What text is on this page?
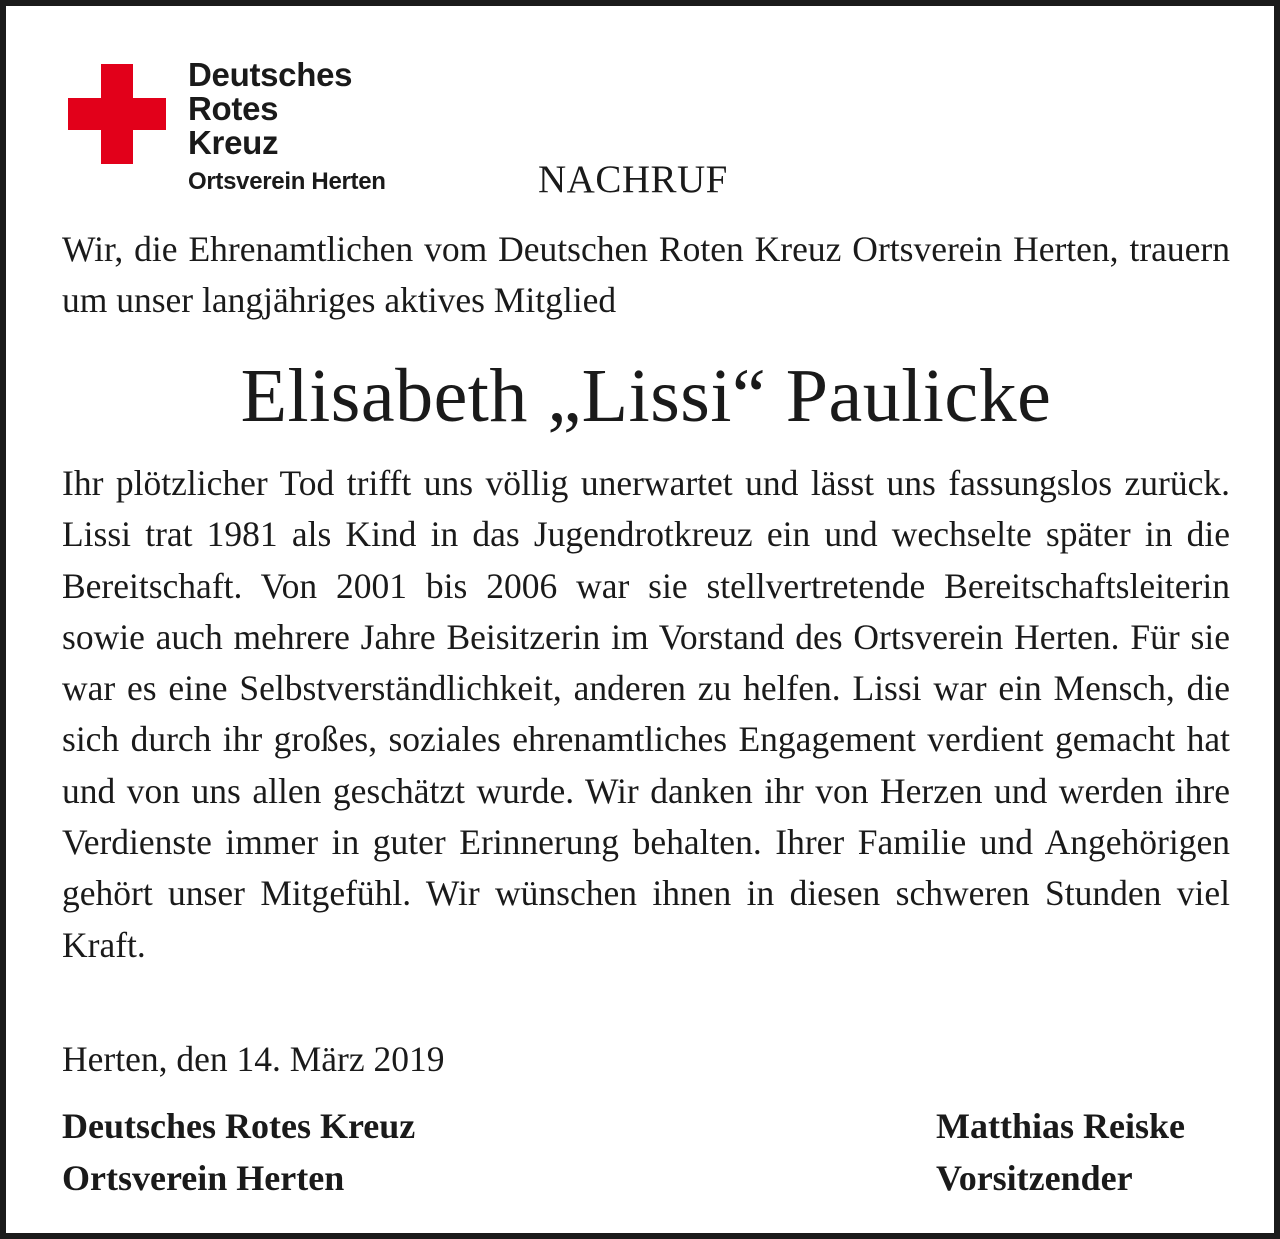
Deutsches
Rotes
Kreuz
Ortsverein Herten	NACHRUF

Wir, die Ehrenamtlichen vom Deutschen Roten Kreuz Ortsverein Herten, trauern um unser langjähriges aktives Mitglied

Elisabeth „Lissi“ Paulicke

Ihr plötzlicher Tod trifft uns völlig unerwartet und lässt uns fassungslos zurück. Lissi trat 1981 als Kind in das Jugendrotkreuz ein und wechselte später in die Bereitschaft. Von 2001 bis 2006 war sie stellvertretende Bereitschaftsleiterin sowie auch mehrere Jahre Beisitzerin im Vorstand des Ortsverein Herten. Für sie war es eine Selbstverständlichkeit, anderen zu helfen. Lissi war ein Mensch, die sich durch ihr großes, soziales ehrenamtliches Engagement verdient gemacht hat und von uns allen geschätzt wurde. Wir danken ihr von Herzen und werden ihre Verdienste immer in guter Erinnerung behalten. Ihrer Familie und Angehörigen gehört unser Mitgefühl. Wir wünschen ihnen in diesen schweren Stunden viel Kraft.

Herten, den 14. März 2019
Deutsches Rotes Kreuz
Ortsverein Herten
Matthias Reiske
Vorsitzender
